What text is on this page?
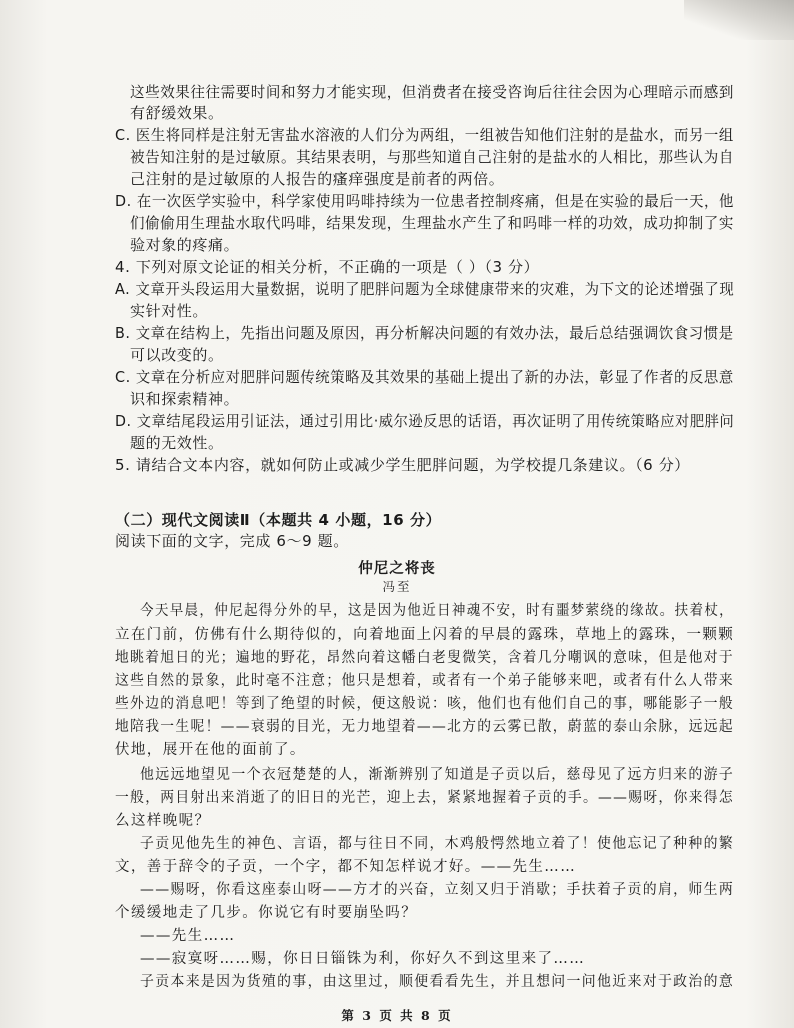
这些效果往往需要时间和努力才能实现，但消费者在接受咨询后往往会因为心理暗示而感到
有舒缓效果。
C. 医生将同样是注射无害盐水溶液的人们分为两组，一组被告知他们注射的是盐水，而另一组
被告知注射的是过敏原。其结果表明，与那些知道自己注射的是盐水的人相比，那些认为自
己注射的是过敏原的人报告的瘙痒强度是前者的两倍。
D. 在一次医学实验中，科学家使用吗啡持续为一位患者控制疼痛，但是在实验的最后一天，他
们偷偷用生理盐水取代吗啡，结果发现，生理盐水产生了和吗啡一样的功效，成功抑制了实
验对象的疼痛。
4. 下列对原文论证的相关分析，不正确的一项是（ ）（3 分）
A. 文章开头段运用大量数据，说明了肥胖问题为全球健康带来的灾难，为下文的论述增强了现
实针对性。
B. 文章在结构上，先指出问题及原因，再分析解决问题的有效办法，最后总结强调饮食习惯是
可以改变的。
C. 文章在分析应对肥胖问题传统策略及其效果的基础上提出了新的办法，彰显了作者的反思意
识和探索精神。
D. 文章结尾段运用引证法，通过引用比·威尔逊反思的话语，再次证明了用传统策略应对肥胖问
题的无效性。
5. 请结合文本内容，就如何防止或减少学生肥胖问题，为学校提几条建议。（6 分）
（二）现代文阅读Ⅱ（本题共 4 小题，16 分）
阅读下面的文字，完成 6～9 题。
仲尼之将丧
冯至
今天早晨，仲尼起得分外的早，这是因为他近日神魂不安，时有噩梦萦绕的缘故。扶着杖，
立在门前，仿佛有什么期待似的，向着地面上闪着的早晨的露珠，草地上的露珠，一颗颗
地眺着旭日的光；遍地的野花，昂然向着这幡白老叟微笑，含着几分嘲讽的意味，但是他对于
这些自然的景象，此时毫不注意；他只是想着，或者有一个弟子能够来吧，或者有什么人带来
些外边的消息吧！等到了绝望的时候，便这般说：咳，他们也有他们自己的事，哪能影子一般
地陪我一生呢！——衰弱的目光，无力地望着——北方的云雾已散，蔚蓝的泰山余脉，远远起
伏地，展开在他的面前了。
他远远地望见一个衣冠楚楚的人，渐渐辨别了知道是子贡以后，慈母见了远方归来的游子
一般，两目射出来消逝了的旧日的光芒，迎上去，紧紧地握着子贡的手。——赐呀，你来得怎
么这样晚呢？
子贡见他先生的神色、言语，都与往日不同，木鸡般愕然地立着了！使他忘记了种种的繁
文，善于辞令的子贡，一个字，都不知怎样说才好。——先生……
——赐呀，你看这座泰山呀——方才的兴奋，立刻又归于消歇；手扶着子贡的肩，师生两
个缓缓地走了几步。你说它有时要崩坠吗？
——先生……
——寂寞呀……赐，你日日锱铢为利，你好久不到这里来了……
子贡本来是因为货殖的事，由这里过，顺便看看先生，并且想问一问他近来对于政治的意
第 3 页 共 8 页
